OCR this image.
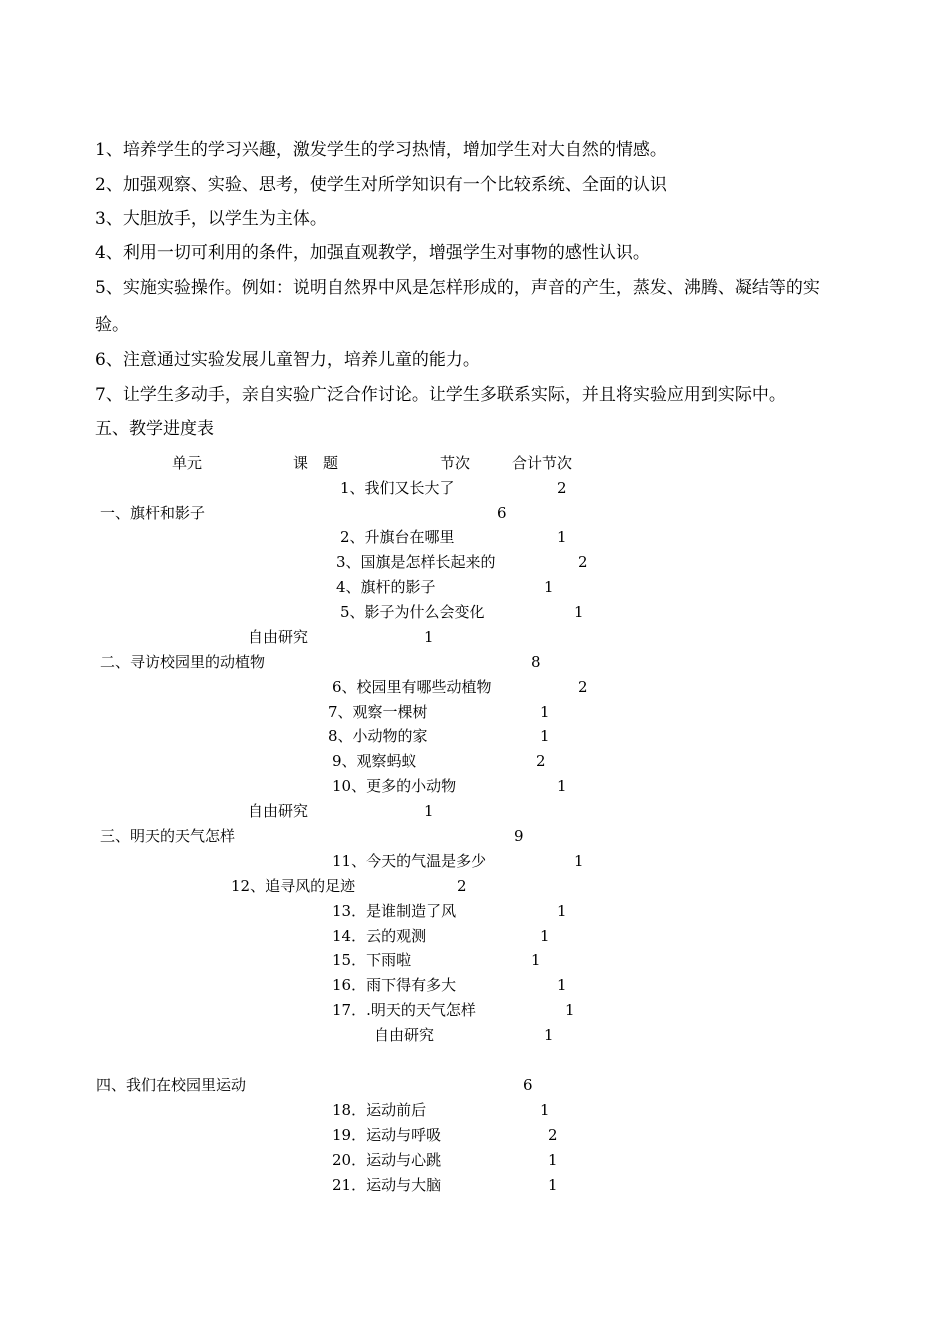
1、培养学生的学习兴趣，激发学生的学习热情，增加学生对大自然的情感。
2、加强观察、实验、思考，使学生对所学知识有一个比较系统、全面的认识
3、大胆放手，以学生为主体。
4、利用一切可利用的条件，加强直观教学，增强学生对事物的感性认识。
5、实施实验操作。例如：说明自然界中风是怎样形成的，声音的产生，蒸发、沸腾、凝结等的实
验。
6、注意通过实验发展儿童智力，培养儿童的能力。
7、让学生多动手，亲自实验广泛合作讨论。让学生多联系实际，并且将实验应用到实际中。
五、教学进度表
单元	课　题	节次	合计节次
1、我们又长大了	2
一、旗杆和影子	6
2、升旗台在哪里	1
3、国旗是怎样长起来的	2
4、旗杆的影子	1
5、影子为什么会变化	1
自由研究	1
二、寻访校园里的动植物	8
6、校园里有哪些动植物	2
7、观察一棵树	1
8、小动物的家	1
9、观察蚂蚁	2
10、更多的小动物	1
自由研究	1
三、明天的天气怎样	9
11、今天的气温是多少	1
12、追寻风的足迹	2
13．是谁制造了风	1
14．云的观测	1
15．下雨啦	1
16．雨下得有多大	1
17．.明天的天气怎样	1
自由研究	1
四、我们在校园里运动	6
18．运动前后	1
19．运动与呼吸	2
20．运动与心跳	1
21．运动与大脑	1
